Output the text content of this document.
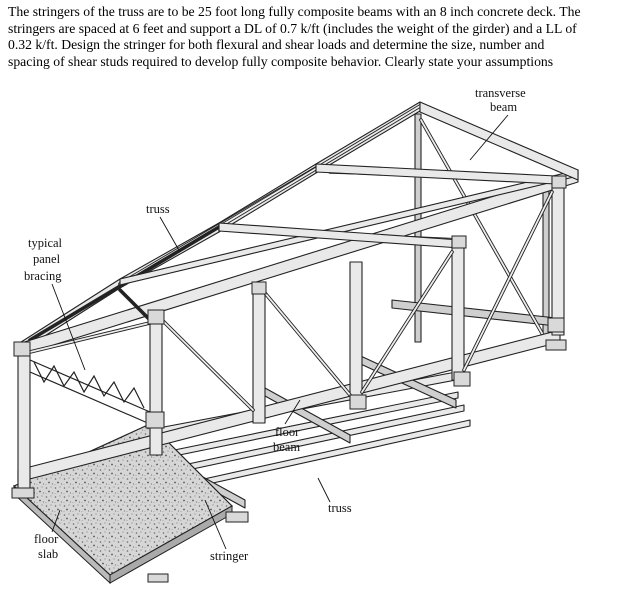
The stringers of the truss are to be 25 foot long fully composite beams with an 8 inch concrete deck. The
stringers are spaced at 6 feet and support a DL of 0.7 k/ft (includes the weight of the girder) and a LL of
0.32 k/ft. Design the stringer for both flexural and shear loads and determine the size, number and
spacing of shear studs required to develop fully composite behavior. Clearly state your assumptions

transverse
beam
truss
typical
panel
bracing
floor
beam
truss
floor
slab	stringer
